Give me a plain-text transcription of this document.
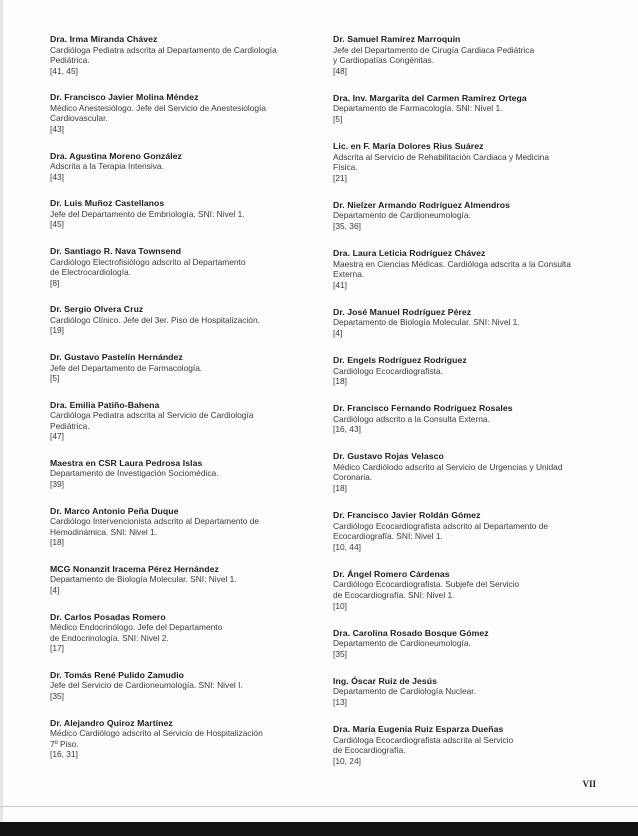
Dra. Irma Miranda Chávez
Cardióloga Pediatra adscrita al Departamento de Cardiología
Pediátrica.
[41, 45]
Dr. Francisco Javier Molina Méndez
Médico Anestesiólogo. Jefe del Servicio de Anestesiología
Cardiovascular.
[43]
Dra. Agustina Moreno González
Adscrita a la Terapia Intensiva.
[43]
Dr. Luis Muñoz Castellanos
Jefe del Departamento de Embriología. SNI: Nivel 1.
[45]
Dr. Santiago R. Nava Townsend
Cardiólogo Electrofisiólogo adscrito al Departamento
de Electrocardiología.
[8]
Dr. Sergio Olvera Cruz
Cardiólogo Clínico. Jefe del 3er. Piso de Hospitalización.
[19]
Dr. Gustavo Pastelín Hernández
Jefe del Departamento de Farmacología.
[5]
Dra. Emilia Patiño-Bahena
Cardióloga Pediatra adscrita al Servicio de Cardiología
Pediátrica.
[47]
Maestra en CSR Laura Pedrosa Islas
Departamento de Investigación Sociomédica.
[39]
Dr. Marco Antonio Peña Duque
Cardiólogo Intervencionista adscrito al Departamento de
Hemodinámica. SNI: Nivel 1.
[18]
MCG Nonanzit Iracema Pérez Hernández
Departamento de Biología Molecular. SNI: Nivel 1.
[4]
Dr. Carlos Posadas Romero
Médico Endocrinólogo. Jefe del Departamento
de Endocrinología. SNI: Nivel 2.
[17]
Dr. Tomás René Pulido Zamudio
Jefe del Servicio de Cardioneumología. SNI: Nivel I.
[35]
Dr. Alejandro Quiroz Martínez
Médico Cardiólogo adscrito al Servicio de Hospitalización
7º Piso.
[16, 31]
Dr. Samuel Ramírez Marroquín
Jefe del Departamento de Cirugía Cardiaca Pediátrica
y Cardiopatías Congénitas.
[48]
Dra. Inv. Margarita del Carmen Ramírez Ortega
Departamento de Farmacología. SNI: Nivel 1.
[5]
Lic. en F. María Dolores Rius Suárez
Adscrita al Servicio de Rehabilitación Cardiaca y Medicina
Física.
[21]
Dr. Nielzer Armando Rodríguez Almendros
Departamento de Cardioneumología.
[35, 36]
Dra. Laura Leticia Rodríguez Chávez
Maestra en Ciencias Médicas. Cardióloga adscrita a la Consulta
Externa.
[41]
Dr. José Manuel Rodríguez Pérez
Departamento de Biología Molecular. SNI: Nivel 1.
[4]
Dr. Engels Rodríguez Rodríguez
Cardiólogo Ecocardiografista.
[18]
Dr. Francisco Fernando Rodríguez Rosales
Cardiólogo adscrito a la Consulta Externa.
[16, 43]
Dr. Gustavo Rojas Velasco
Médico Cardiólodo adscrito al Servicio de Urgencias y Unidad
Coronaria.
[18]
Dr. Francisco Javier Roldán Gómez
Cardiólogo Ecocardiografista adscrito al Departamento de
Ecocardiografía. SNI: Nivel 1.
[10, 44]
Dr. Ángel Romero Cárdenas
Cardiólogo Ecocardiografista. Subjefe del Servicio
de Ecocardiografía. SNI: Nivel 1.
[10]
Dra. Carolina Rosado Bosque Gómez
Departamento de Cardioneumología.
[35]
Ing. Óscar Ruiz de Jesús
Departamento de Cardiología Nuclear.
[13]
Dra. María Eugenia Ruiz Esparza Dueñas
Cardióloga Ecocardiografista adscrita al Servicio
de Ecocardiografía.
[10, 24]
VII
